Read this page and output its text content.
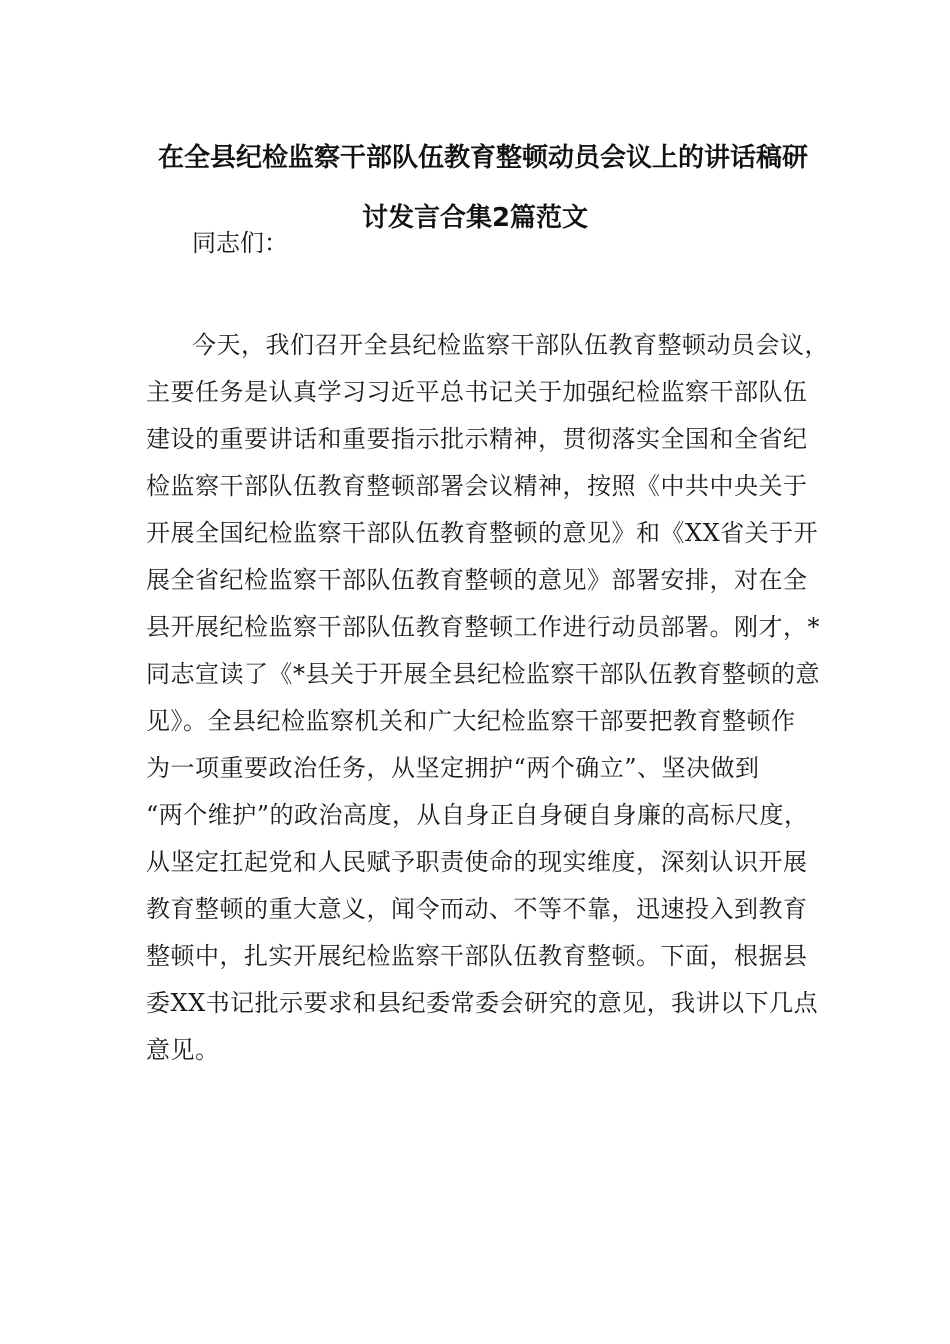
在全县纪检监察干部队伍教育整顿动员会议上的讲话稿研
讨发言合集2篇范文
同志们：
今天，我们召开全县纪检监察干部队伍教育整顿动员会议，
主要任务是认真学习习近平总书记关于加强纪检监察干部队伍
建设的重要讲话和重要指示批示精神，贯彻落实全国和全省纪
检监察干部队伍教育整顿部署会议精神，按照《中共中央关于
开展全国纪检监察干部队伍教育整顿的意见》和《XX省关于开
展全省纪检监察干部队伍教育整顿的意见》部署安排，对在全
县开展纪检监察干部队伍教育整顿工作进行动员部署。刚才，*
同志宣读了《*县关于开展全县纪检监察干部队伍教育整顿的意
见》。全县纪检监察机关和广大纪检监察干部要把教育整顿作
为一项重要政治任务，从坚定拥护“两个确立”、坚决做到
“两个维护”的政治高度，从自身正自身硬自身廉的高标尺度，
从坚定扛起党和人民赋予职责使命的现实维度，深刻认识开展
教育整顿的重大意义，闻令而动、不等不靠，迅速投入到教育
整顿中，扎实开展纪检监察干部队伍教育整顿。下面，根据县
委XX书记批示要求和县纪委常委会研究的意见，我讲以下几点
意见。
